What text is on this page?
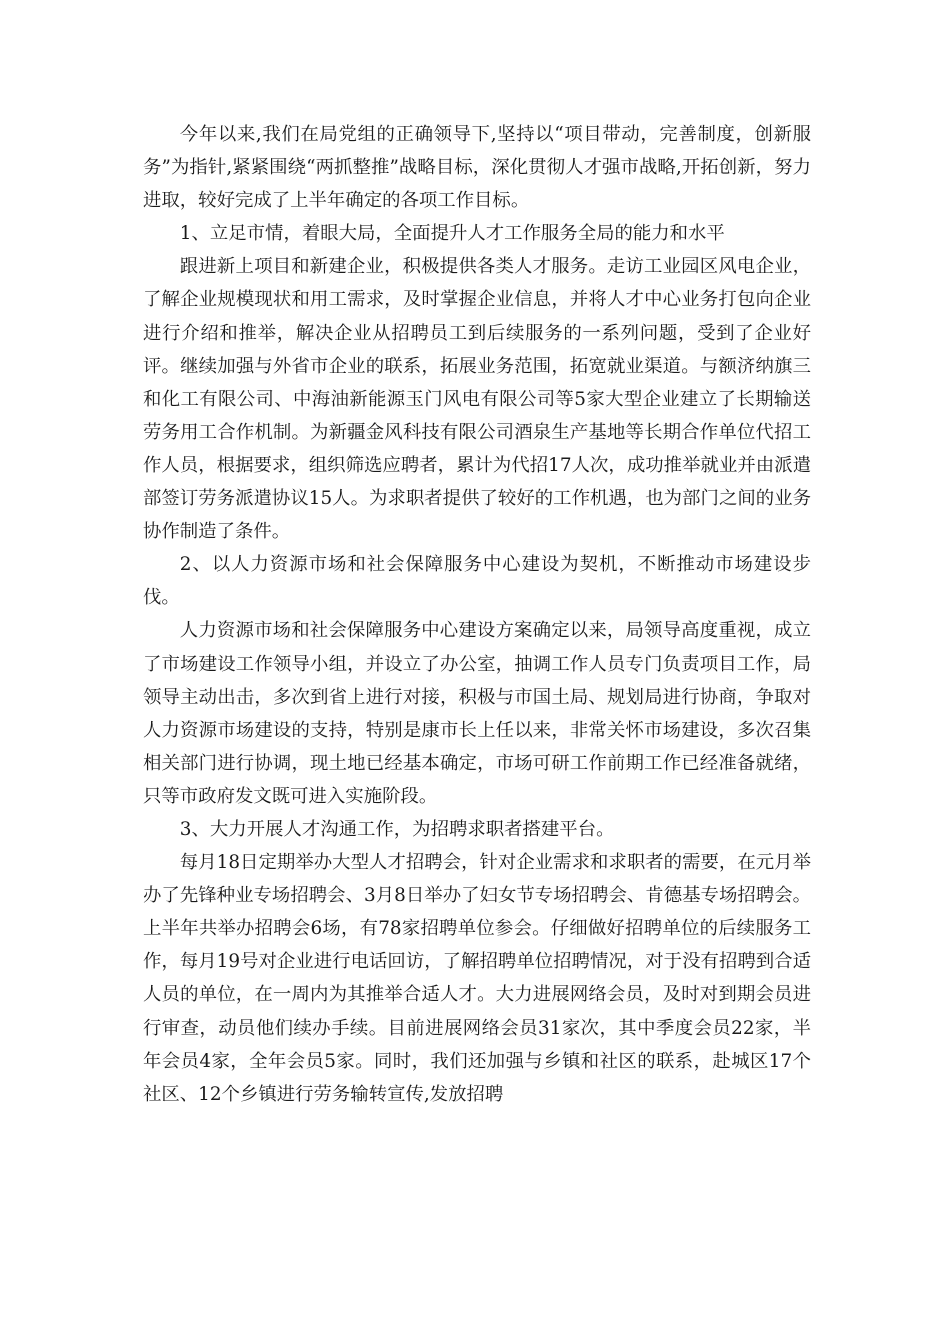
今年以来,我们在局党组的正确领导下,坚持以“项目带动，完善制度，创新服务”为指针,紧紧围绕“两抓整推”战略目标，深化贯彻人才强市战略,开拓创新，努力进取，较好完成了上半年确定的各项工作目标。

1、立足市情，着眼大局，全面提升人才工作服务全局的能力和水平

跟进新上项目和新建企业，积极提供各类人才服务。走访工业园区风电企业，了解企业规模现状和用工需求，及时掌握企业信息，并将人才中心业务打包向企业进行介绍和推举，解决企业从招聘员工到后续服务的一系列问题，受到了企业好评。继续加强与外省市企业的联系，拓展业务范围，拓宽就业渠道。与额济纳旗三和化工有限公司、中海油新能源玉门风电有限公司等5家大型企业建立了长期输送劳务用工合作机制。为新疆金风科技有限公司酒泉生产基地等长期合作单位代招工作人员，根据要求，组织筛选应聘者，累计为代招17人次，成功推举就业并由派遣部签订劳务派遣协议15人。为求职者提供了较好的工作机遇，也为部门之间的业务协作制造了条件。

2、以人力资源市场和社会保障服务中心建设为契机，不断推动市场建设步伐。

人力资源市场和社会保障服务中心建设方案确定以来，局领导高度重视，成立了市场建设工作领导小组，并设立了办公室，抽调工作人员专门负责项目工作，局领导主动出击，多次到省上进行对接，积极与市国土局、规划局进行协商，争取对人力资源市场建设的支持，特别是康市长上任以来，非常关怀市场建设，多次召集相关部门进行协调，现土地已经基本确定，市场可研工作前期工作已经准备就绪，只等市政府发文既可进入实施阶段。

3、大力开展人才沟通工作，为招聘求职者搭建平台。

每月18日定期举办大型人才招聘会，针对企业需求和求职者的需要，在元月举办了先锋种业专场招聘会、3月8日举办了妇女节专场招聘会、肯德基专场招聘会。上半年共举办招聘会6场，有78家招聘单位参会。仔细做好招聘单位的后续服务工作，每月19号对企业进行电话回访，了解招聘单位招聘情况，对于没有招聘到合适人员的单位，在一周内为其推举合适人才。大力进展网络会员，及时对到期会员进行审查，动员他们续办手续。目前进展网络会员31家次，其中季度会员22家，半年会员4家，全年会员5家。同时，我们还加强与乡镇和社区的联系，赴城区17个社区、12个乡镇进行劳务输转宣传,发放招聘
